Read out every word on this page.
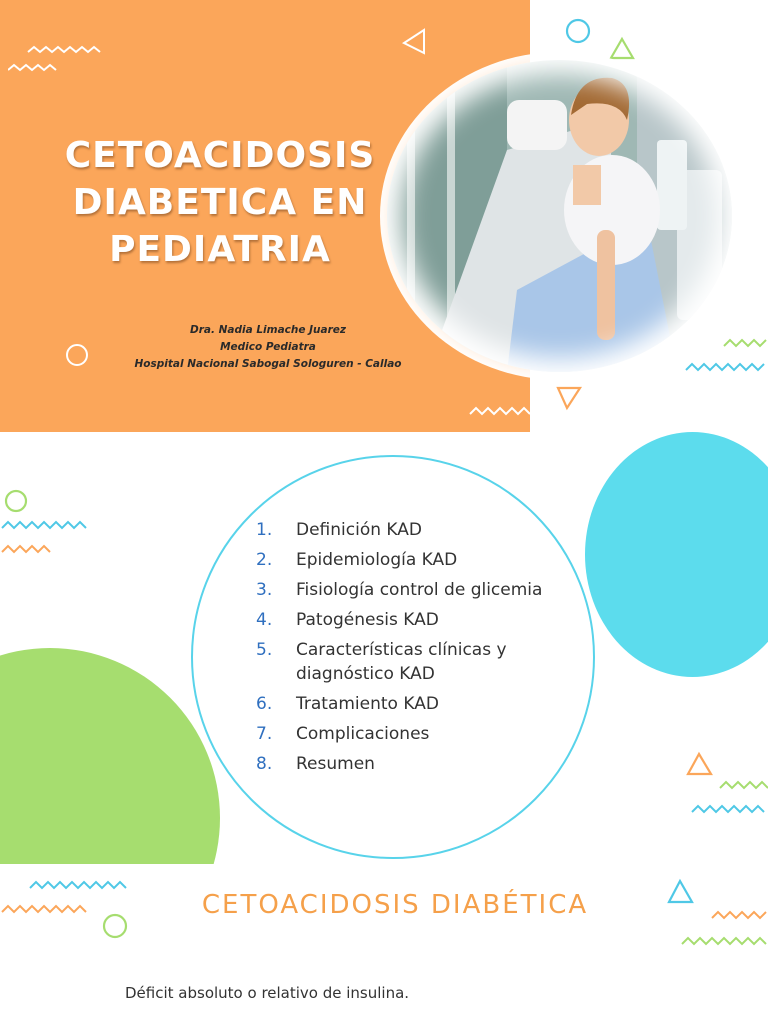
CETOACIDOSIS
DIABETICA EN
PEDIATRIA
Dra. Nadia Limache Juarez
Medico Pediatra
Hospital Nacional Sabogal Sologuren - Callao
1. Definición KAD
2. Epidemiología KAD
3. Fisiología control de glicemia
4. Patogénesis KAD
5. Características clínicas y diagnóstico KAD
6. Tratamiento KAD
7. Complicaciones
8. Resumen
CETOACIDOSIS DIABÉTICA
Déficit absoluto o relativo de insulina.
